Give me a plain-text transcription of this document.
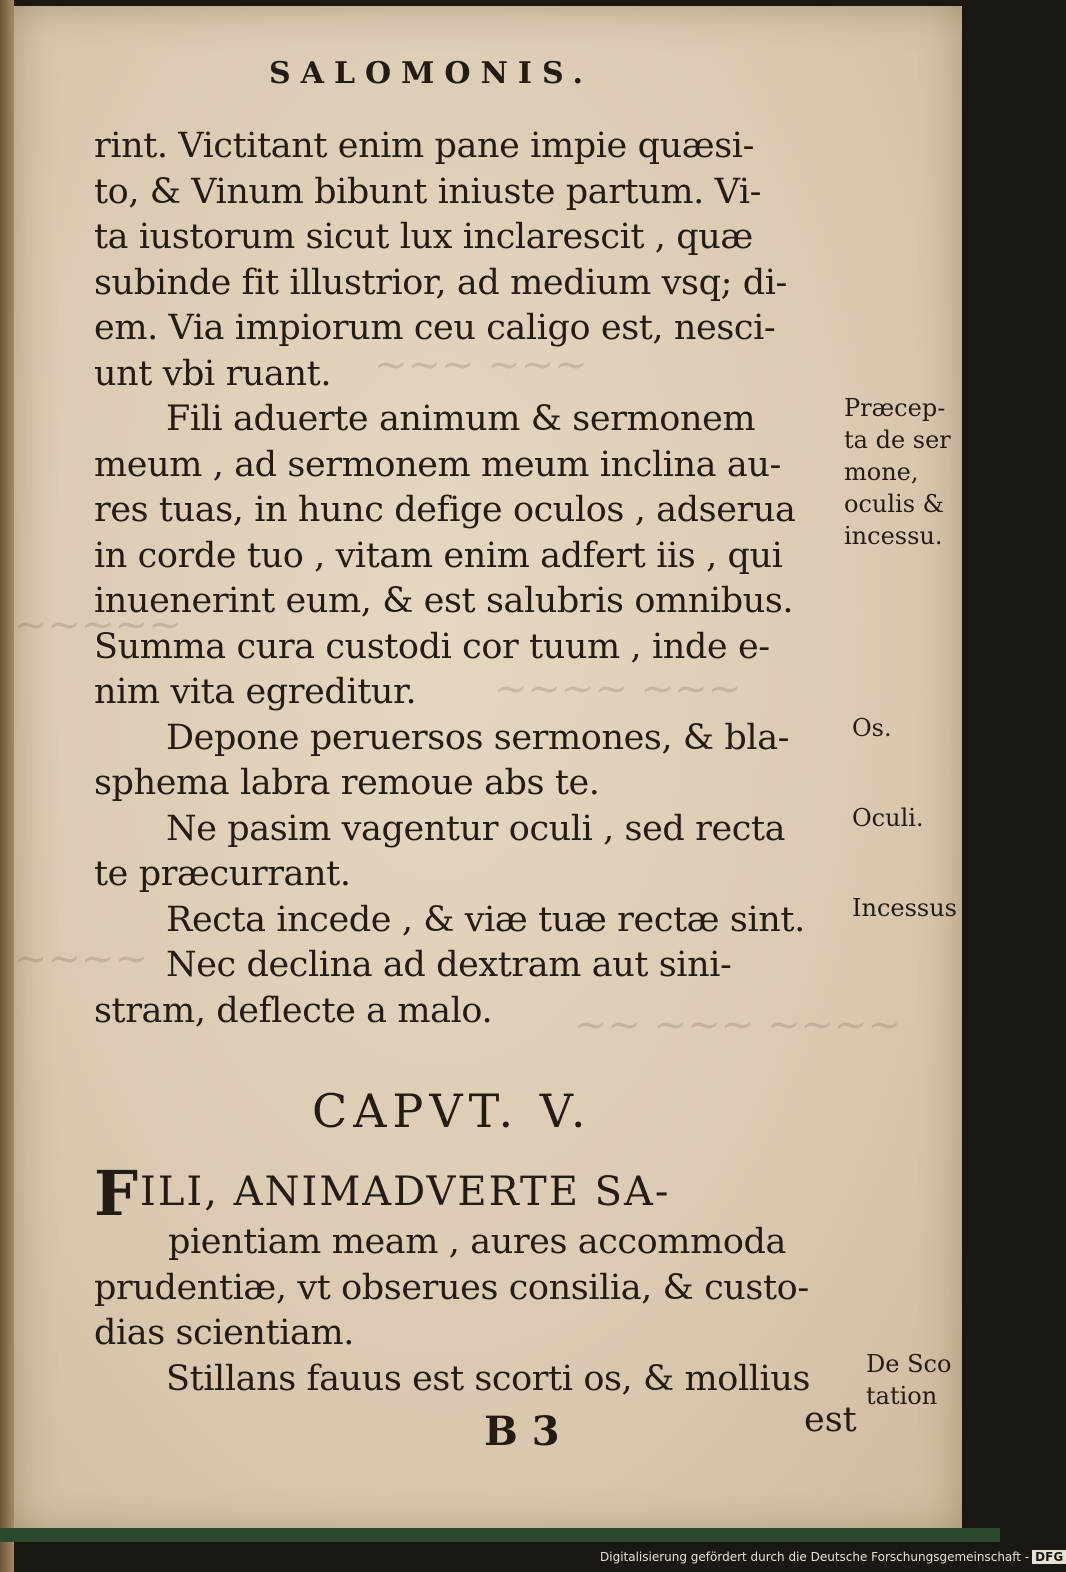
SALOMONIS.
rint. Victitant enim pane impie quæsi-
to, & Vinum bibunt iniuste partum. Vi-
ta iustorum sicut lux inclarescit , quæ
subinde fit illustrior, ad medium vsq; di-
em. Via impiorum ceu caligo est, nesci-
unt vbi ruant.
Fili aduerte animum & sermonem
meum , ad sermonem meum inclina au-
res tuas, in hunc defige oculos , adserua
in corde tuo , vitam enim adfert iis , qui
inuenerint eum, & est salubris omnibus.
Summa cura custodi cor tuum , inde e-
nim vita egreditur.
Depone peruersos sermones, & bla-
sphema labra remoue abs te.
Ne pasim vagentur oculi , sed recta
te præcurrant.
Recta incede , & viæ tuæ rectæ sint.
Nec declina ad dextram aut sini-
stram, deflecte a malo.
CAPVT. V.
FILI, ANIMADVERTE SA-
pientiam meam , aures accommoda
prudentiæ, vt obserues consilia, & custo-
dias scientiam.
Stillans fauus est scorti os, & mollius
B 3	est
Præcep-
ta de ser
mone,
oculis &
incessu.
Os.
Oculi.
Incessus
De Sco
tation
~~~ ~~~
~~~~~
~~~~ ~~~
~~~~
~~ ~~~ ~~~~
Digitalisierung gefördert durch die Deutsche Forschungsgemeinschaft - DFG
